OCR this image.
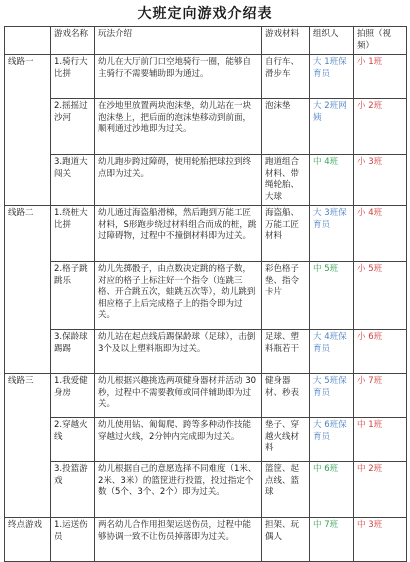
大班定向游戏介绍表
	游戏名称	玩法介绍	游戏材料	组织人	拍照（视频）
线路一	1.骑行大比拼	幼儿在大厅前门口空地骑行一圈，能够自主骑行不需要辅助即为通过。	自行车、滑步车	大 1班保育员	小 1班
	2.摇摇过沙河	在沙地里放置两块泡沫垫，幼儿站在一块泡沫垫上，把后面的泡沫垫移动到前面，顺利通过沙地即为过关。	泡沫垫	大 2班网姨	小 2班
	3.跑道大闯关	幼儿跑步跨过障碍，使用轮胎把球拉到终点即为过关。	跑道组合材料、带绳轮胎、大球	中 4班	小 3班
线路二	1.绕桩大比拼	幼儿通过海盗船滑梯，然后跑到万能工匠材料，S形跑步绕过材料组合而成的桩，跳过障碍物，过程中不撞倒材料即为过关。	海盗船、万能工匠材料	大 3班保育员	小 4班
	2.格子跳跳乐	幼儿先掷骰子，由点数决定跳的格子数，对应的格子上标注好一个指令（连跳三格、开合跳五次，蛙跳五次等），幼儿跳到相应格子上后完成格子上的指令即为过关。	彩色格子垫、指令卡片	中 5班	小 5班
	3.保龄球踢踢	幼儿站在起点线后踢保龄球（足球），击倒 3个及以上塑料瓶即为过关。	足球、塑料瓶若干	大 4班保育员	小 6班
线路三	1.我爱健身房	幼儿根据兴趣挑选两项健身器材并活动 30秒，过程中不需要教师或同伴辅助即为过关。	健身器材、秒表	大 5班保育员	小 7班
	2.穿越火线	幼儿使用钻、匍匐爬、跨等多种动作技能穿越过火线，2分钟内完成即为过关。	垫子、穿越火线材料	大 6班保育员	中 1班
	3.投篮游戏	幼儿根据自己的意愿选择不同难度（1米、2米、3米）的篮筐进行投篮，投过指定个数（5个、3个、2个）即为过关。	篮筐、起点线、篮球	中 6班	中 2班
终点游戏	1.运送伤员	两名幼儿合作用担架运送伤员，过程中能够协调一致不让伤员掉落即为过关。	担架、玩偶人	中 7班	中 3班
